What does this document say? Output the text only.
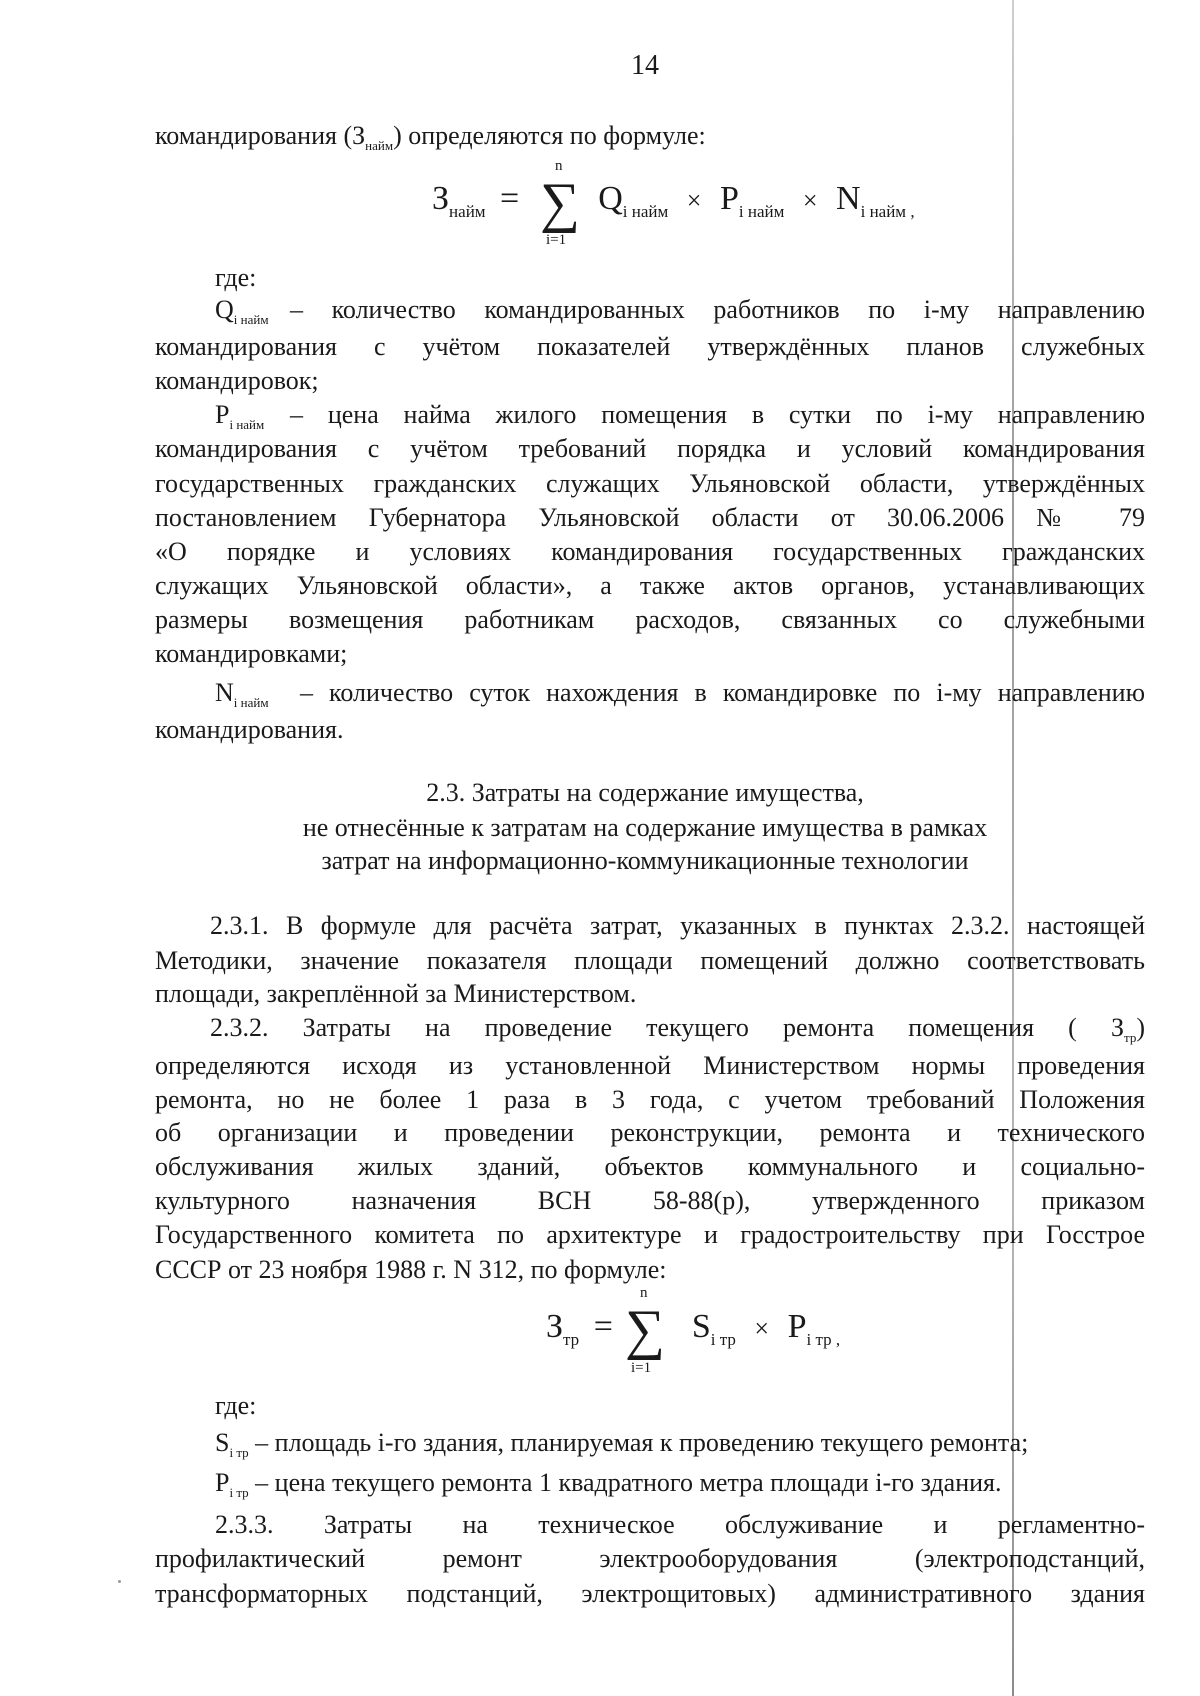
14
командирования $(З_{найм})$ определяются по формуле:
$З_{найм} = Q_{i найм} \times P_{i найм} \times N_{i найм ,}$
∑
n
i=1
где:
$Q_{i найм}$ – количество командированных работников по i-му направлению
командирования с учётом показателей утверждённых планов служебных
командировок;
$P_{i найм}$ – цена найма жилого помещения в сутки по i-му направлению
командирования с учётом требований порядка и условий командирования
государственных гражданских служащих Ульяновской области, утверждённых
постановлением Губернатора Ульяновской области от 30.06.2006 № 79
«О порядке и условиях командирования государственных гражданских
служащих Ульяновской области», а также актов органов, устанавливающих
размеры возмещения работникам расходов, связанных со служебными
командировками;
$N_{i найм}$ – количество суток нахождения в командировке по i-му направлению
командирования.
2.3. Затраты на содержание имущества,
не отнесённые к затратам на содержание имущества в рамках
затрат на информационно-коммуникационные технологии
2.3.1. В формуле для расчёта затрат, указанных в пунктах 2.3.2. настоящей
Методики, значение показателя площади помещений должно соответствовать
площади, закреплённой за Министерством.
2.3.2. Затраты на проведение текущего ремонта помещения ( $З_{тр}$)
определяются исходя из установленной Министерством нормы проведения
ремонта, но не более 1 раза в 3 года, с учетом требований Положения
об организации и проведении реконструкции, ремонта и технического
обслуживания жилых зданий, объектов коммунального и социально-
культурного назначения ВСН 58-88(р), утвержденного приказом
Государственного комитета по архитектуре и градостроительству при Госстрое
СССР от 23 ноября 1988 г. N 312, по формуле:
$З_{тр} = S_{i тр} \times P_{i тр ,}$
∑
n
i=1
где:
$S_{i тр}$ – площадь i-го здания, планируемая к проведению текущего ремонта;
$P_{i тр}$ – цена текущего ремонта 1 квадратного метра площади i-го здания.
2.3.3. Затраты на техническое обслуживание и регламентно-
профилактический ремонт электрооборудования (электроподстанций,
трансформаторных подстанций, электрощитовых) административного здания
